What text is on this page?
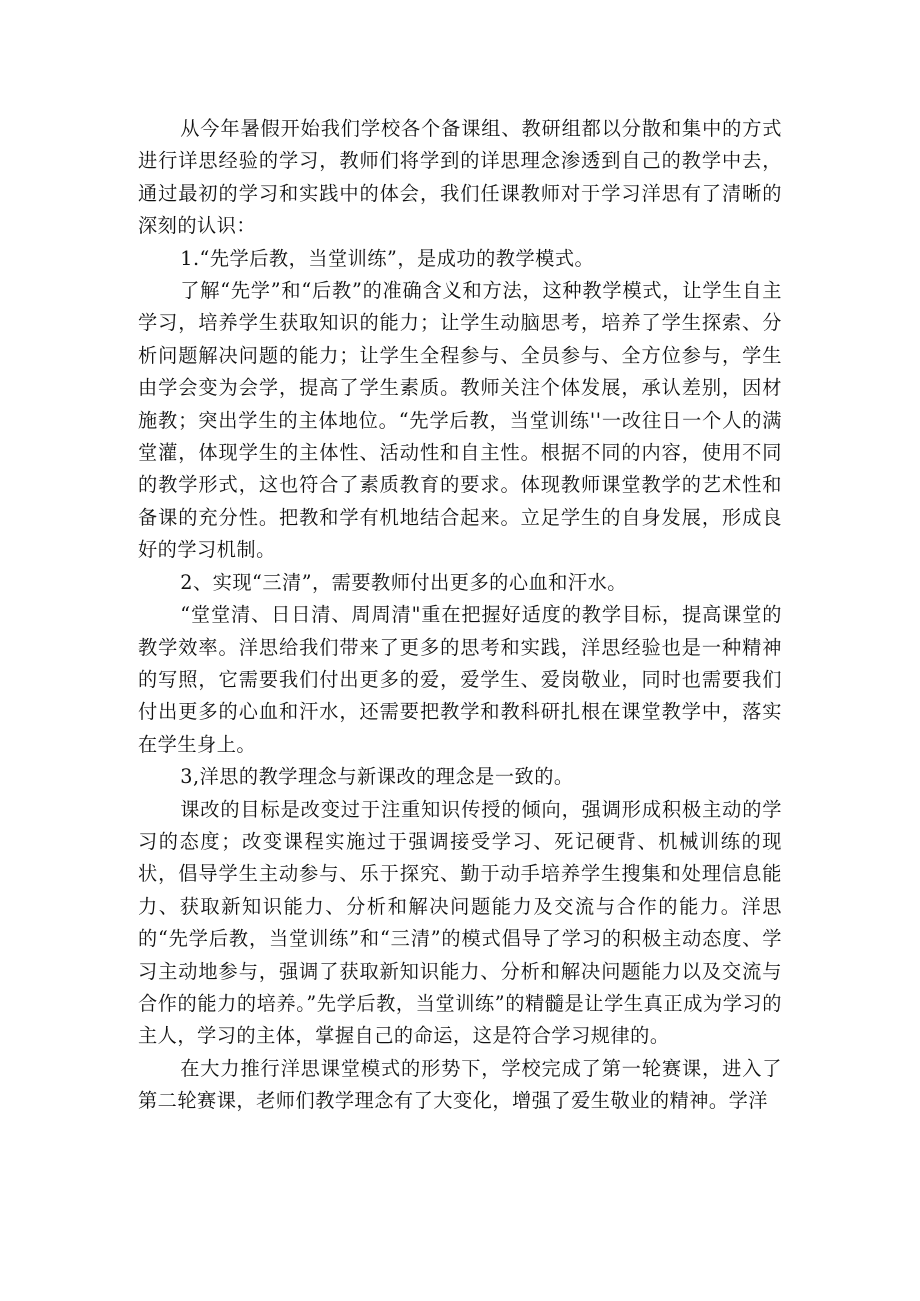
从今年暑假开始我们学校各个备课组、教研组都以分散和集中的方式进行详思经验的学习，教师们将学到的详思理念渗透到自己的教学中去，通过最初的学习和实践中的体会，我们任课教师对于学习洋思有了清晰的深刻的认识：

1.“先学后教，当堂训练”，是成功的教学模式。

了解“先学”和“后教”的准确含义和方法，这种教学模式，让学生自主学习，培养学生获取知识的能力；让学生动脑思考，培养了学生探索、分析问题解决问题的能力；让学生全程参与、全员参与、全方位参与，学生由学会变为会学，提高了学生素质。教师关注个体发展，承认差别，因材施教；突出学生的主体地位。“先学后教，当堂训练''一改往日一个人的满堂灌，体现学生的主体性、活动性和自主性。根据不同的内容，使用不同的教学形式，这也符合了素质教育的要求。体现教师课堂教学的艺术性和备课的充分性。把教和学有机地结合起来。立足学生的自身发展，形成良好的学习机制。

2、实现“三清”，需要教师付出更多的心血和汗水。

“堂堂清、日日清、周周清"重在把握好适度的教学目标，提高课堂的教学效率。洋思给我们带来了更多的思考和实践，洋思经验也是一种精神的写照，它需要我们付出更多的爱，爱学生、爱岗敬业，同时也需要我们付出更多的心血和汗水，还需要把教学和教科研扎根在课堂教学中，落实在学生身上。

3,洋思的教学理念与新课改的理念是一致的。

课改的目标是改变过于注重知识传授的倾向，强调形成积极主动的学习的态度；改变课程实施过于强调接受学习、死记硬背、机械训练的现状，倡导学生主动参与、乐于探究、勤于动手培养学生搜集和处理信息能力、获取新知识能力、分析和解决问题能力及交流与合作的能力。洋思的“先学后教，当堂训练”和“三清”的模式倡导了学习的积极主动态度、学习主动地参与，强调了获取新知识能力、分析和解决问题能力以及交流与合作的能力的培养。”先学后教，当堂训练”的精髓是让学生真正成为学习的主人，学习的主体，掌握自己的命运，这是符合学习规律的。

在大力推行洋思课堂模式的形势下，学校完成了第一轮赛课，进入了第二轮赛课，老师们教学理念有了大变化，增强了爱生敬业的精神。学洋
